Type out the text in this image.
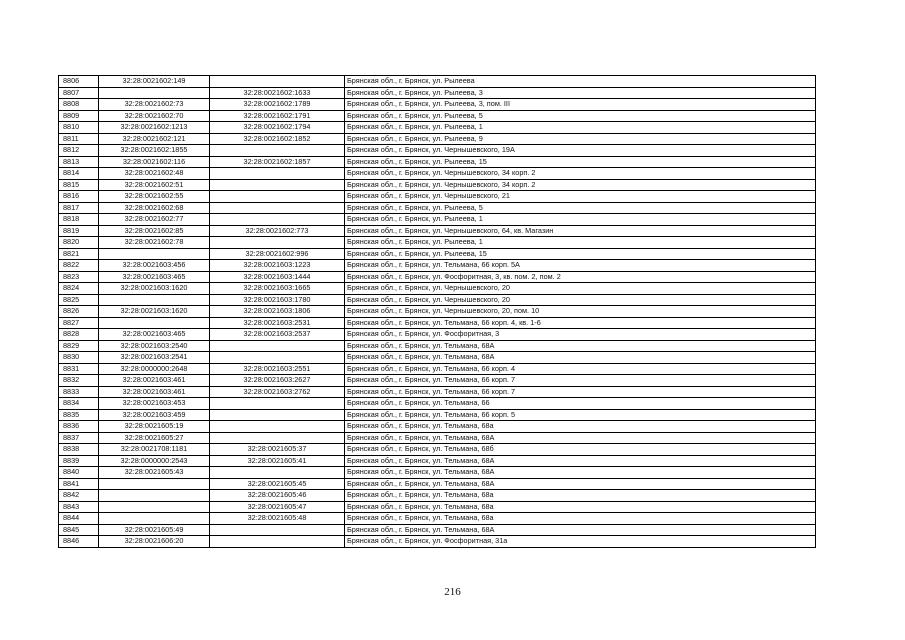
8806	32:28:0021602:149		Брянская обл., г. Брянск, ул. Рылеева
8807		32:28:0021602:1633	Брянская обл., г. Брянск, ул. Рылеева, 3
8808	32:28:0021602:73	32:28:0021602:1789	Брянская обл., г. Брянск, ул. Рылеева, 3, пом. III
8809	32:28:0021602:70	32:28:0021602:1791	Брянская обл., г. Брянск, ул. Рылеева, 5
8810	32:28:0021602:1213	32:28:0021602:1794	Брянская обл., г. Брянск, ул. Рылеева, 1
8811	32:28:0021602:121	32:28:0021602:1852	Брянская обл., г. Брянск, ул. Рылеева, 9
8812	32:28:0021602:1855		Брянская обл., г. Брянск, ул. Чернышевского, 19А
8813	32:28:0021602:116	32:28:0021602:1857	Брянская обл., г. Брянск, ул. Рылеева, 15
8814	32:28:0021602:48		Брянская обл., г. Брянск, ул. Чернышевского, 34 корп. 2
8815	32:28:0021602:51		Брянская обл., г. Брянск, ул. Чернышевского, 34 корп. 2
8816	32:28:0021602:55		Брянская обл., г. Брянск, ул. Чернышевского, 21
8817	32:28:0021602:68		Брянская обл., г. Брянск, ул. Рылеева, 5
8818	32:28:0021602:77		Брянская обл., г. Брянск, ул. Рылеева, 1
8819	32:28:0021602:85	32:28:0021602:773	Брянская обл., г. Брянск, ул. Чернышевского, 64, кв. Магазин
8820	32:28:0021602:78		Брянская обл., г. Брянск, ул. Рылеева, 1
8821		32:28:0021602:996	Брянская обл., г. Брянск, ул. Рылеева, 15
8822	32:28:0021603:456	32:28:0021603:1223	Брянская обл., г. Брянск, ул. Тельмана, 66 корп. 5А
8823	32:28:0021603:465	32:28:0021603:1444	Брянская обл., г. Брянск, ул. Фосфоритная, 3, кв. пом. 2, пом. 2
8824	32:28:0021603:1620	32:28:0021603:1665	Брянская обл., г. Брянск, ул. Чернышевского, 20
8825		32:28:0021603:1780	Брянская обл., г. Брянск, ул. Чернышевского, 20
8826	32:28:0021603:1620	32:28:0021603:1806	Брянская обл., г. Брянск, ул. Чернышевского, 20, пом. 10
8827		32:28:0021603:2531	Брянская обл., г. Брянск, ул. Тельмана, 66 корп. 4, кв. 1-6
8828	32:28:0021603:465	32:28:0021603:2537	Брянская обл., г. Брянск, ул. Фосфоритная, 3
8829	32:28:0021603:2540		Брянская обл., г. Брянск, ул. Тельмана, 68А
8830	32:28:0021603:2541		Брянская обл., г. Брянск, ул. Тельмана, 68А
8831	32:28:0000000:2648	32:28:0021603:2551	Брянская обл., г. Брянск, ул. Тельмана, 66 корп. 4
8832	32:28:0021603:461	32:28:0021603:2627	Брянская обл., г. Брянск, ул. Тельмана, 66 корп. 7
8833	32:28:0021603:461	32:28:0021603:2762	Брянская обл., г. Брянск, ул. Тельмана, 66 корп. 7
8834	32:28:0021603:453		Брянская обл., г. Брянск, ул. Тельмана, 66
8835	32:28:0021603:459		Брянская обл., г. Брянск, ул. Тельмана, 66 корп. 5
8836	32:28:0021605:19		Брянская обл., г. Брянск, ул. Тельмана, 68а
8837	32:28:0021605:27		Брянская обл., г. Брянск, ул. Тельмана, 68А
8838	32:28:0021708:1181	32:28:0021605:37	Брянская обл., г. Брянск, ул. Тельмана, 68б
8839	32:28:0000000:2543	32:28:0021605:41	Брянская обл., г. Брянск, ул. Тельмана, 68А
8840	32:28:0021605:43		Брянская обл., г. Брянск, ул. Тельмана, 68А
8841		32:28:0021605:45	Брянская обл., г. Брянск, ул. Тельмана, 68А
8842		32:28:0021605:46	Брянская обл., г. Брянск, ул. Тельмана, 68а
8843		32:28:0021605:47	Брянская обл., г. Брянск, ул. Тельмана, 68а
8844		32:28:0021605:48	Брянская обл., г. Брянск, ул. Тельмана, 68а
8845	32:28:0021605:49		Брянская обл., г. Брянск, ул. Тельмана, 68А
8846	32:28:0021606:20		Брянская обл., г. Брянск, ул. Фосфоритная, 31а
216
